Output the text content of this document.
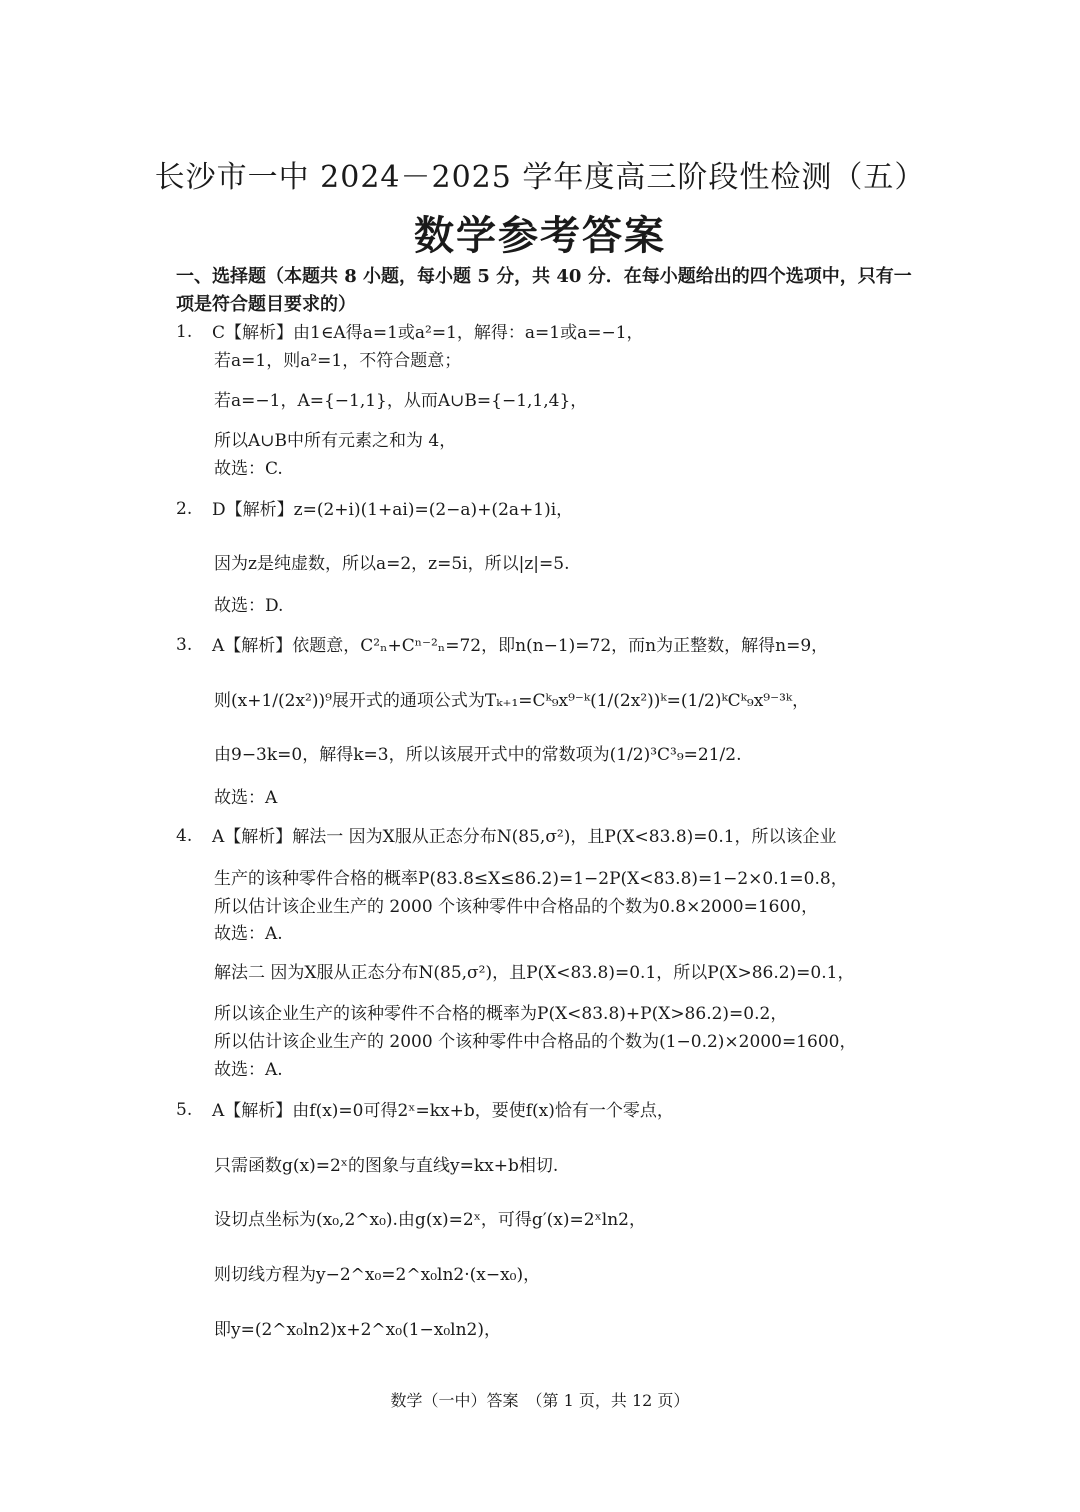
长沙市一中 2024－2025 学年度高三阶段性检测（五）
数学参考答案
一、选择题（本题共 8 小题，每小题 5 分，共 40 分．在每小题给出的四个选项中，只有一
项是符合题目要求的）
1. C【解析】由1∈A得a=1或a²=1，解得：a=1或a=−1，
若a=1，则a²=1，不符合题意；
若a=−1，A={−1,1}，从而A∪B={−1,1,4}，
所以A∪B中所有元素之和为 4，
故选：C.
2. D【解析】z=(2+i)(1+ai)=(2−a)+(2a+1)i，
因为z是纯虚数，所以a=2，z=5i，所以|z|=5.
故选：D.
3. A【解析】依题意，C²ₙ+Cⁿ⁻²ₙ=72，即n(n−1)=72，而n为正整数，解得n=9，
则(x+1/(2x²))⁹展开式的通项公式为Tₖ₊₁=Cᵏ₉x⁹⁻ᵏ(1/(2x²))ᵏ=(1/2)ᵏCᵏ₉x⁹⁻³ᵏ，
由9−3k=0，解得k=3，所以该展开式中的常数项为(1/2)³C³₉=21/2.
故选：A
4. A【解析】解法一 因为X服从正态分布N(85,σ²)，且P(X<83.8)=0.1，所以该企业
生产的该种零件合格的概率P(83.8≤X≤86.2)=1−2P(X<83.8)=1−2×0.1=0.8，
所以估计该企业生产的 2000 个该种零件中合格品的个数为0.8×2000=1600，
故选：A.
解法二 因为X服从正态分布N(85,σ²)，且P(X<83.8)=0.1，所以P(X>86.2)=0.1，
所以该企业生产的该种零件不合格的概率为P(X<83.8)+P(X>86.2)=0.2，
所以估计该企业生产的 2000 个该种零件中合格品的个数为(1−0.2)×2000=1600，
故选：A.
5. A【解析】由f(x)=0可得2ˣ=kx+b，要使f(x)恰有一个零点，
只需函数g(x)=2ˣ的图象与直线y=kx+b相切.
设切点坐标为(x₀,2^x₀).由g(x)=2ˣ，可得g′(x)=2ˣln2，
则切线方程为y−2^x₀=2^x₀ln2·(x−x₀)，
即y=(2^x₀ln2)x+2^x₀(1−x₀ln2)，
数学（一中）答案　（第 1 页，共 12 页）
